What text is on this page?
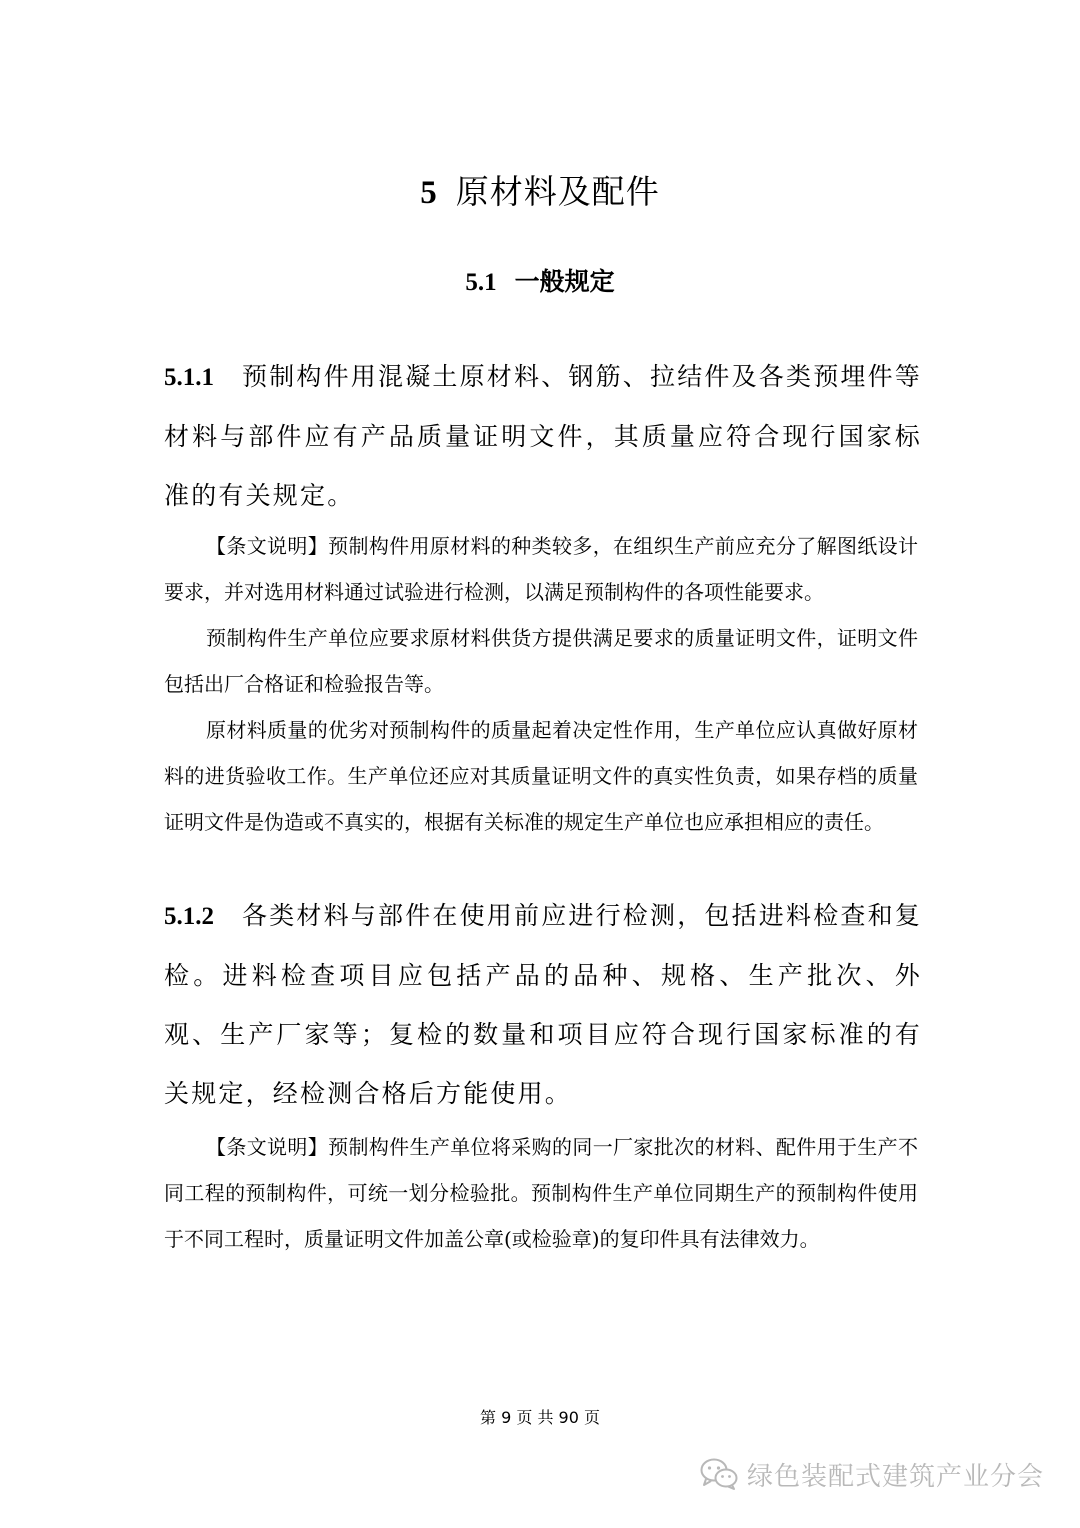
5 原材料及配件
5.1 一般规定
5.1.1 预制构件用混凝土原材料、钢筋、拉结件及各类预埋件等材料与部件应有产品质量证明文件，其质量应符合现行国家标准的有关规定。

【条文说明】预制构件用原材料的种类较多，在组织生产前应充分了解图纸设计要求，并对选用材料通过试验进行检测，以满足预制构件的各项性能要求。

预制构件生产单位应要求原材料供货方提供满足要求的质量证明文件，证明文件包括出厂合格证和检验报告等。

原材料质量的优劣对预制构件的质量起着决定性作用，生产单位应认真做好原材料的进货验收工作。生产单位还应对其质量证明文件的真实性负责，如果存档的质量证明文件是伪造或不真实的，根据有关标准的规定生产单位也应承担相应的责任。

5.1.2 各类材料与部件在使用前应进行检测，包括进料检查和复检。进料检查项目应包括产品的品种、规格、生产批次、外观、生产厂家等；复检的数量和项目应符合现行国家标准的有关规定，经检测合格后方能使用。

【条文说明】预制构件生产单位将采购的同一厂家批次的材料、配件用于生产不同工程的预制构件，可统一划分检验批。预制构件生产单位同期生产的预制构件使用于不同工程时，质量证明文件加盖公章(或检验章)的复印件具有法律效力。

第 9 页 共 90 页
绿色装配式建筑产业分会
